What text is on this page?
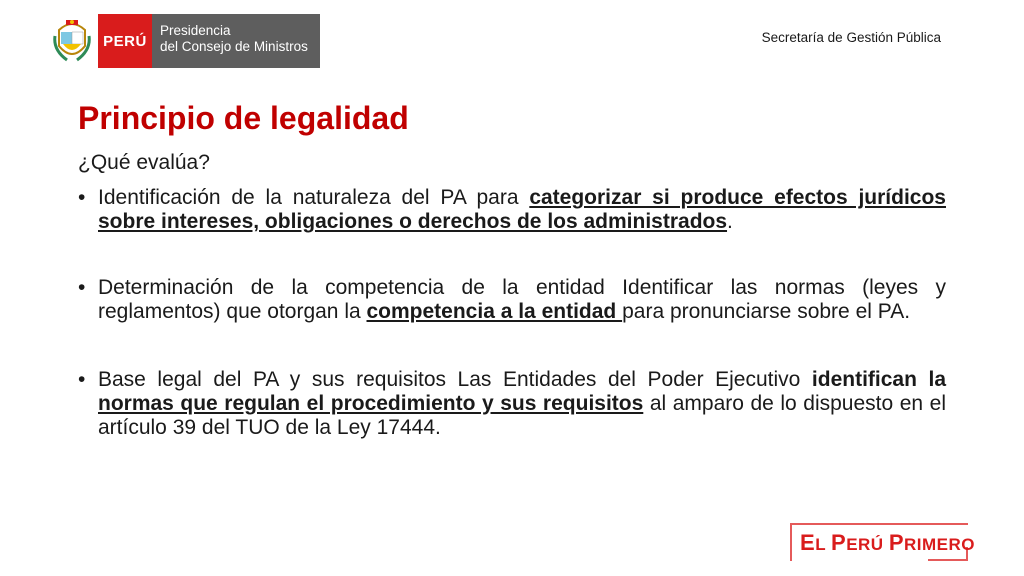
PERÚ
Presidencia
del Consejo de Ministros
Secretaría de Gestión Pública
Principio de legalidad
¿Qué evalúa?
• Identificación de la naturaleza del PA para categorizar si produce efectos jurídicos sobre intereses, obligaciones o derechos de los administrados.
• Determinación de la competencia de la entidad Identificar las normas (leyes y reglamentos) que otorgan la competencia a la entidad para pronunciarse sobre el PA.
• Base legal del PA y sus requisitos Las Entidades del Poder Ejecutivo identifican la normas que regulan el procedimiento y sus requisitos al amparo de lo dispuesto en el artículo 39 del TUO de la Ley 17444.
EL PERÚ PRIMERO
